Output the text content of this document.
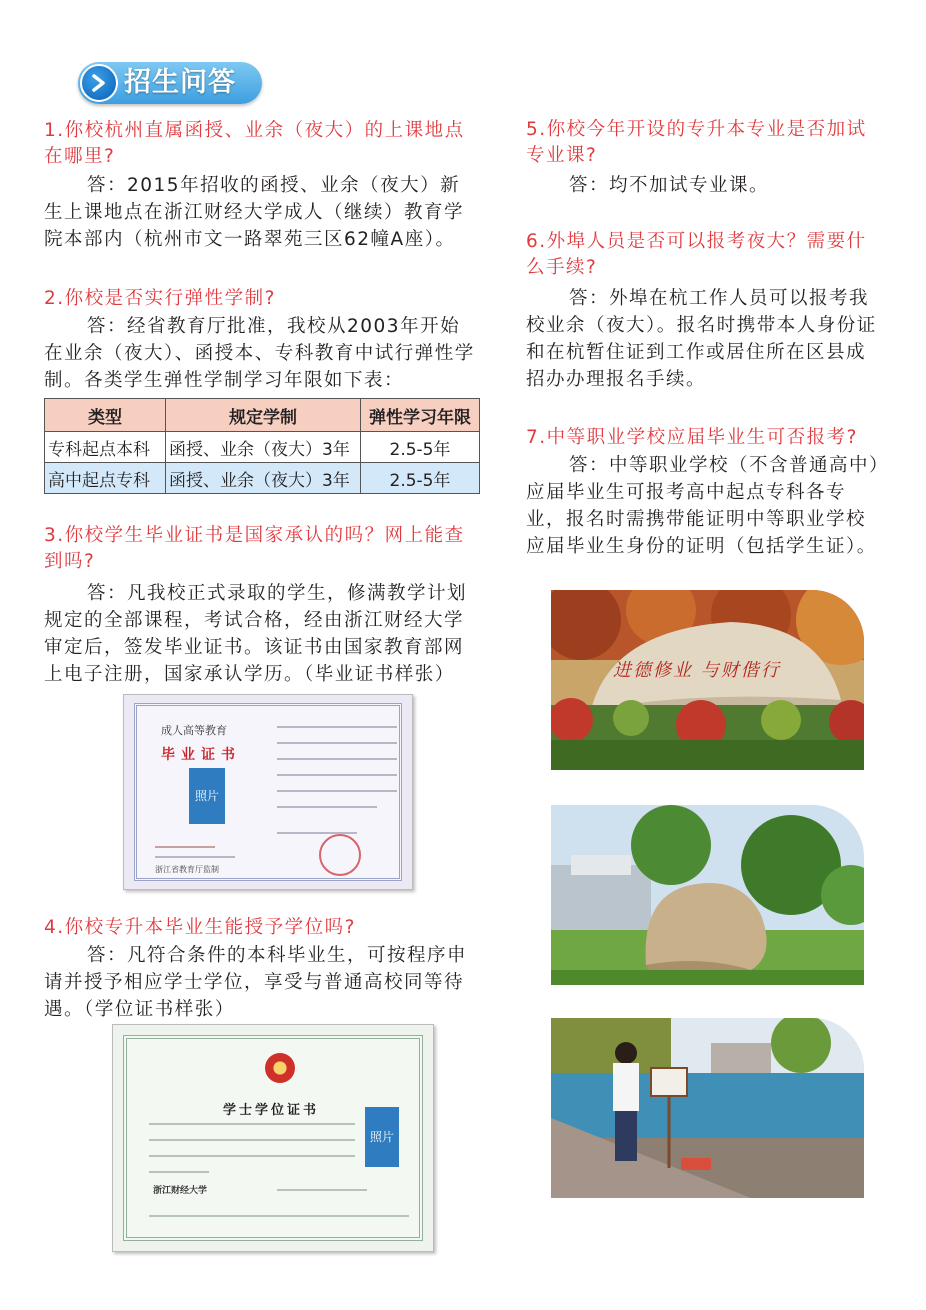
招生问答
1.你校杭州直属函授、业余（夜大）的上课地点在哪里?
答：2015年招收的函授、业余（夜大）新生上课地点在浙江财经大学成人（继续）教育学院本部内（杭州市文一路翠苑三区62幢A座）。
2.你校是否实行弹性学制?
答：经省教育厅批准，我校从2003年开始在业余（夜大）、函授本、专科教育中试行弹性学制。各类学生弹性学制学习年限如下表：
类型	规定学制	弹性学习年限
专科起点本科	函授、业余（夜大）3年	2.5-5年
高中起点专科	函授、业余（夜大）3年	2.5-5年
3.你校学生毕业证书是国家承认的吗？网上能查到吗?
答：凡我校正式录取的学生，修满教学计划规定的全部课程，考试合格，经由浙江财经大学审定后，签发毕业证书。该证书由国家教育部网上电子注册，国家承认学历。（毕业证书样张）
成人高等教育
毕业证书
照片
浙江省教育厅监制
4.你校专升本毕业生能授予学位吗?
答：凡符合条件的本科毕业生，可按程序申请并授予相应学士学位，享受与普通高校同等待遇。（学位证书样张）
学士学位证书
照片
浙江财经大学
5.你校今年开设的专升本专业是否加试专业课?
答：均不加试专业课。
6.外埠人员是否可以报考夜大？需要什么手续?
答：外埠在杭工作人员可以报考我校业余（夜大）。报名时携带本人身份证和在杭暂住证到工作或居住所在区县成招办办理报名手续。
7.中等职业学校应届毕业生可否报考?
答：中等职业学校（不含普通高中）应届毕业生可报考高中起点专科各专业，报名时需携带能证明中等职业学校应届毕业生身份的证明（包括学生证）。
进德修业 与财偕行
